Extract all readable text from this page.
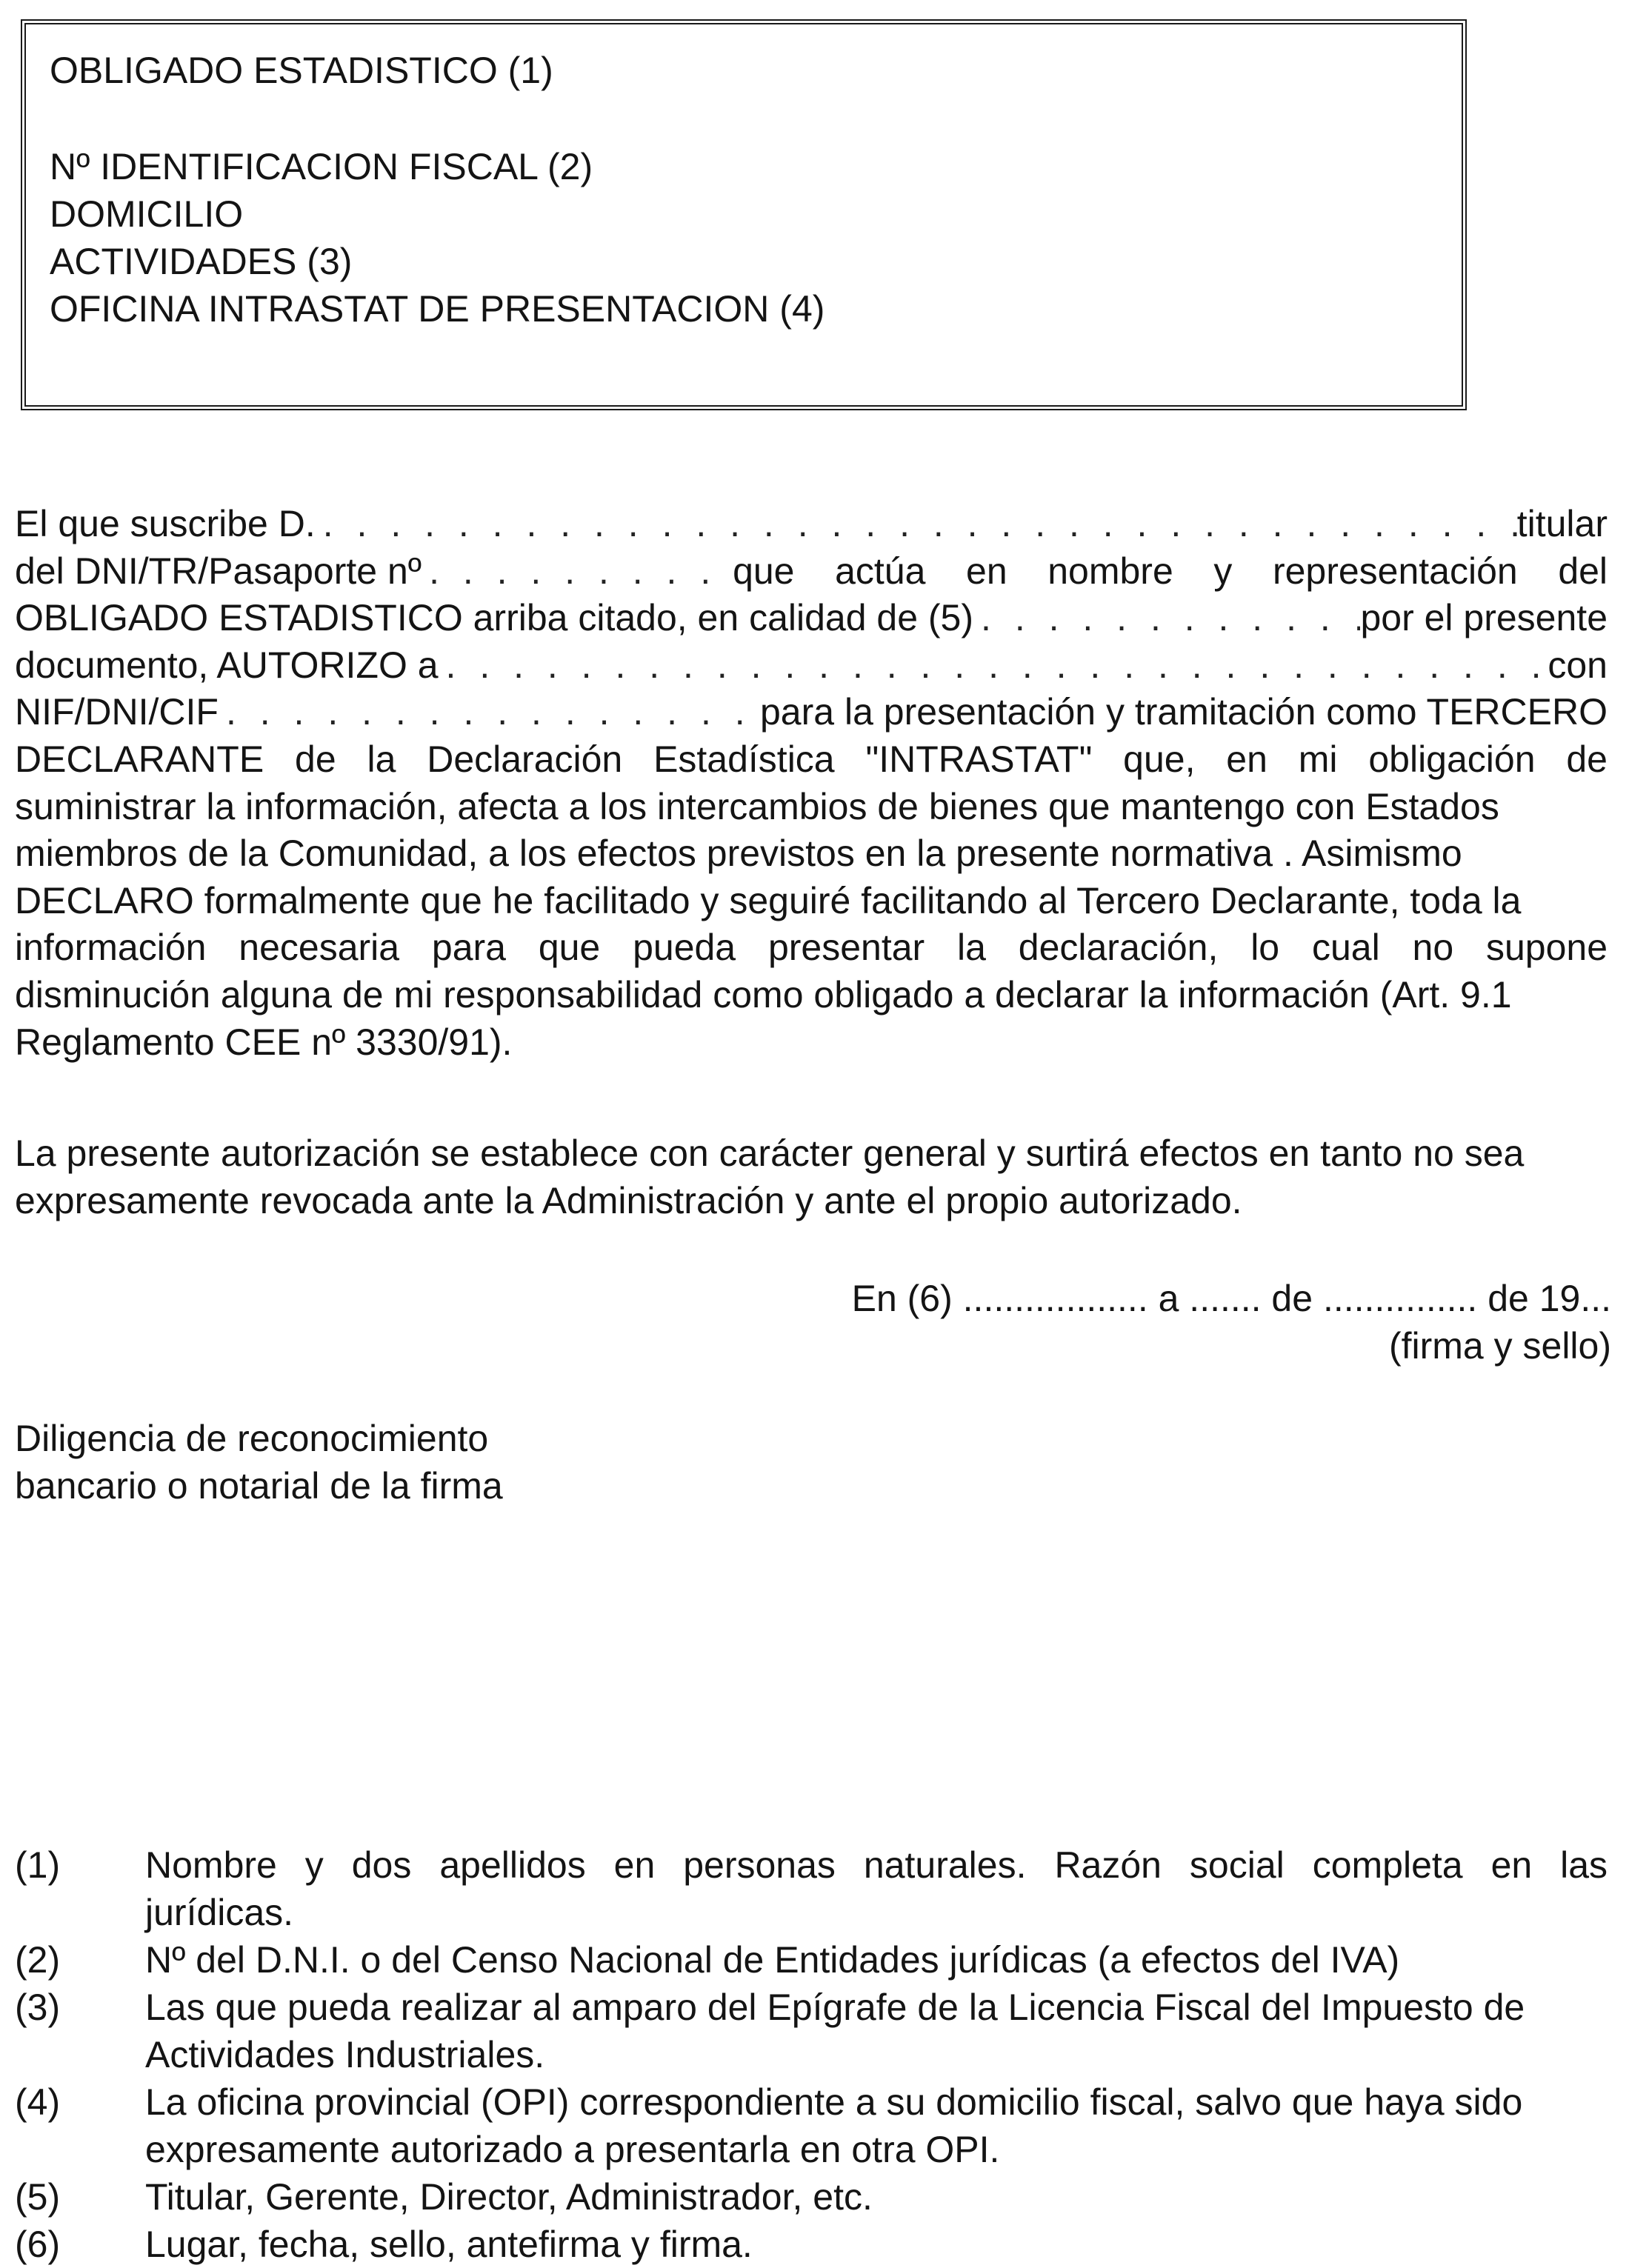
OBLIGADO ESTADISTICO (1)
Nº IDENTIFICACION FISCAL (2)
DOMICILIO
ACTIVIDADES (3)
OFICINA INTRASTAT DE PRESENTACION (4)
El que suscribe D. . . .	titular
del DNI/TR/Pasaporte nº . . .	que actúa en nombre y representación del
OBLIGADO ESTADISTICO arriba citado, en calidad de (5) . . .	por el presente
documento, AUTORIZO a . . .	con
NIF/DNI/CIF . . .	para la presentación y tramitación como TERCERO
DECLARANTE de la Declaración Estadística "INTRASTAT" que, en mi obligación de
suministrar la información, afecta a los intercambios de bienes que mantengo con Estados
miembros de la Comunidad, a los efectos previstos en la presente normativa . Asimismo
DECLARO formalmente que he facilitado y seguiré facilitando al Tercero Declarante, toda la
información necesaria para que pueda presentar la declaración, lo cual no supone
disminución alguna de mi responsabilidad como obligado a declarar la información (Art. 9.1
Reglamento CEE nº 3330/91).
La presente autorización se establece con carácter general y surtirá efectos en tanto no sea
expresamente revocada ante la Administración y ante el propio autorizado.
En (6) .................. a ....... de ............... de 19...
(firma y sello)
Diligencia de reconocimiento
bancario o notarial de la firma
(1)	Nombre y dos apellidos en personas naturales. Razón social completa en las
jurídicas.
(2)	Nº del D.N.I. o del Censo Nacional de Entidades jurídicas (a efectos del IVA)
(3)	Las que pueda realizar al amparo del Epígrafe de la Licencia Fiscal del Impuesto de
Actividades Industriales.
(4)	La oficina provincial (OPI) correspondiente a su domicilio fiscal, salvo que haya sido
expresamente autorizado a presentarla en otra OPI.
(5)	Titular, Gerente, Director, Administrador, etc.
(6)	Lugar, fecha, sello, antefirma y firma.
